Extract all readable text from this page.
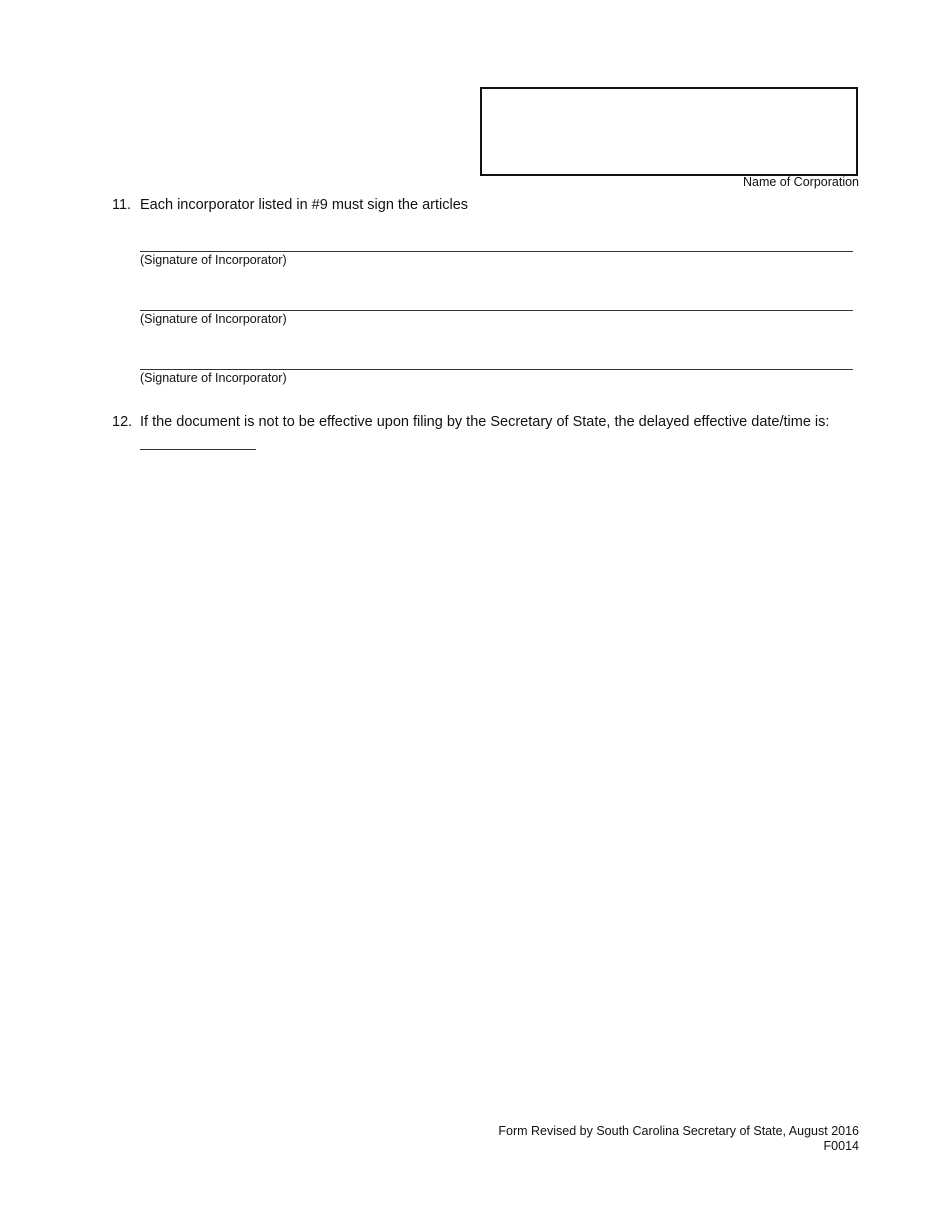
Name of Corporation
11. Each incorporator listed in #9 must sign the articles
(Signature of Incorporator)
(Signature of Incorporator)
(Signature of Incorporator)
12. If the document is not to be effective upon filing by the Secretary of State, the delayed effective date/time is:
Form Revised by South Carolina Secretary of State, August 2016
F0014
